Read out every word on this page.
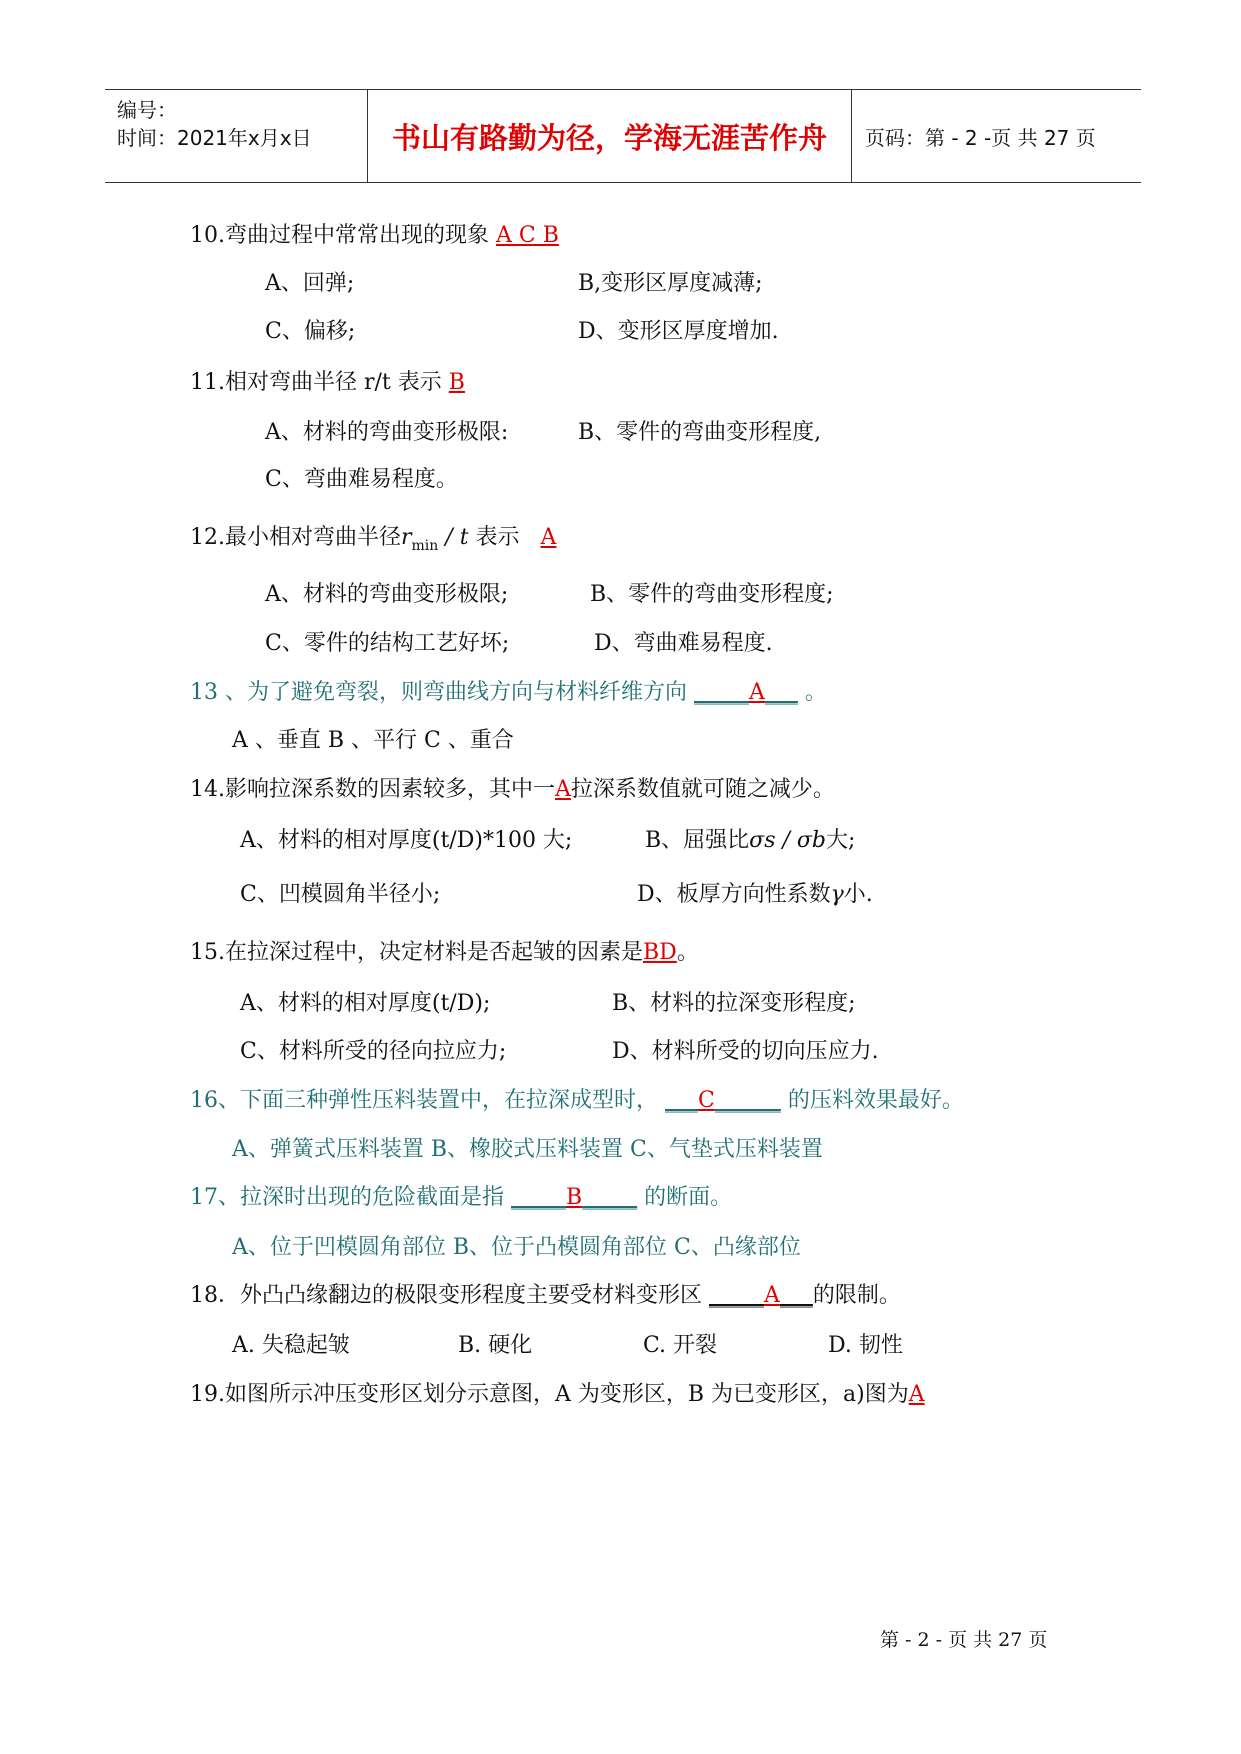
编号：
时间：2021年x月x日	书山有路勤为径，学海无涯苦作舟	页码：第 - 2 -页 共 27 页
10.弯曲过程中常常出现的现象 A C B
A、回弹;	B,变形区厚度减薄;
C、偏移;	D、变形区厚度增加.
11.相对弯曲半径 r/t 表示 B
A、材料的弯曲变形极限:	B、零件的弯曲变形程度,
C、弯曲难易程度。
12.最小相对弯曲半径$r_{min}$ / t 表示 A
A、材料的弯曲变形极限;	B、零件的弯曲变形程度;
C、零件的结构工艺好坏;	D、弯曲难易程度.
13 、为了避免弯裂，则弯曲线方向与材料纤维方向 _____A___ 。
A 、垂直 B 、平行 C 、重合
14.影响拉深系数的因素较多，其中一A拉深系数值就可随之减少。
A、材料的相对厚度(t/D)*100 大;	B、屈强比σs / σb大;
C、凹模圆角半径小;	D、板厚方向性系数γ小.
15.在拉深过程中，决定材料是否起皱的因素是BD。
A、材料的相对厚度(t/D);	B、材料的拉深变形程度;
C、材料所受的径向拉应力;	D、材料所受的切向压应力.
16、下面三种弹性压料装置中，在拉深成型时， ___C______ 的压料效果最好。
A、弹簧式压料装置 B、橡胶式压料装置 C、气垫式压料装置
17、拉深时出现的危险截面是指 _____B_____ 的断面。
A、位于凹模圆角部位 B、位于凸模圆角部位 C、凸缘部位
18．外凸凸缘翻边的极限变形程度主要受材料变形区 _____A___的限制。
A. 失稳起皱	B. 硬化	C. 开裂	D. 韧性
19.如图所示冲压变形区划分示意图，A 为变形区，B 为已变形区，a)图为A
第 - 2 - 页 共 27 页
